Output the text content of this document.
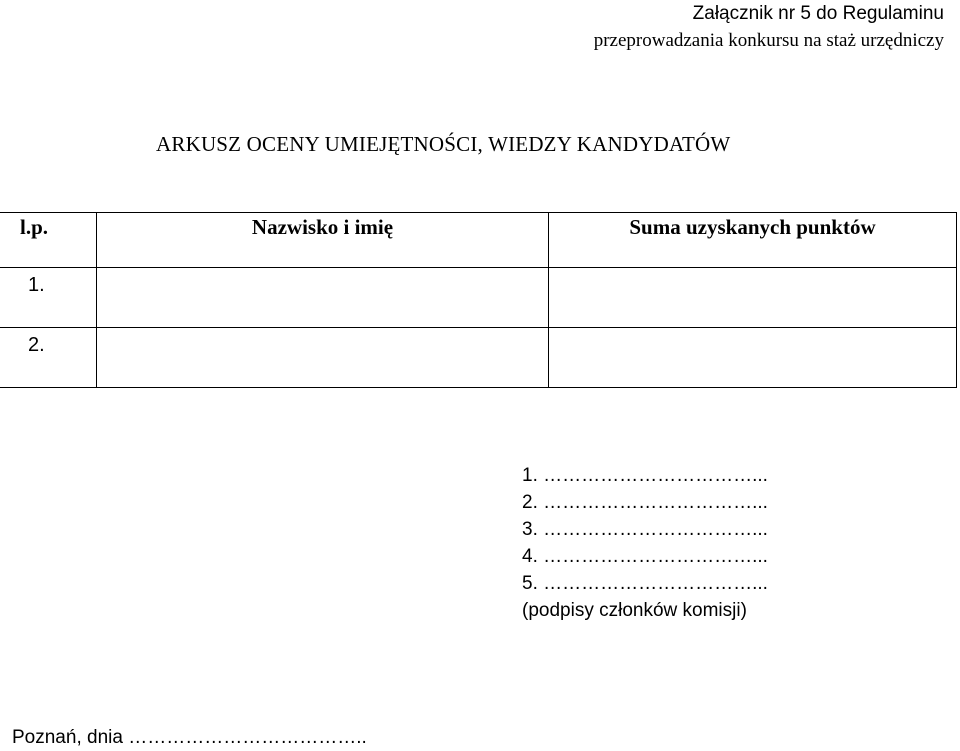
Załącznik nr 5 do Regulaminu
przeprowadzania konkursu na staż urzędniczy
ARKUSZ OCENY UMIEJĘTNOŚCI, WIEDZY KANDYDATÓW
l.p.	Nazwisko i imię	Suma uzyskanych punktów
1.		
2.		
1. ……………………………...
2. ……………………………...
3. ……………………………...
4. ……………………………...
5. ……………………………...
(podpisy członków komisji)
Poznań, dnia ………………………………..
